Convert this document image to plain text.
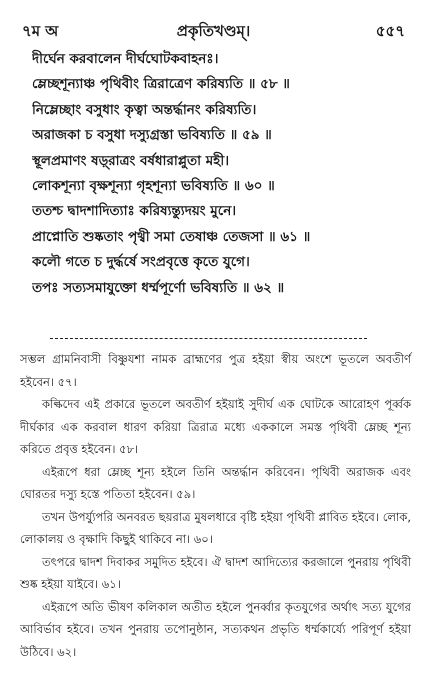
৭ম অ	প্রকৃতিখণ্ডম্।	৫৫৭
দীর্ঘেন করবালেন দীর্ঘঘোটকবাহনঃ।
ম্লেচ্ছশূন্যাঞ্চ পৃথিবীং ত্রিরাত্রেণ করিষ্যতি ॥ ৫৮ ॥
নিম্লেচ্ছাং বসুধাং কৃত্বা অন্তর্দ্ধানং করিষ্যতি।
অরাজকা চ বসুধা দস্যুগ্রস্তা ভবিষ্যতি ॥ ৫৯ ॥
স্থূলপ্রমাণং ষড়্‌রাত্রং বর্ষধারাপ্লুতা মহী।
লোকশূন্যা বৃক্ষশূন্যা গৃহশূন্যা ভবিষ্যতি ॥ ৬০ ॥
ততশ্চ দ্বাদশাদিত্যাঃ করিষ্যন্ত্যুদয়ং মুনে।
প্রাপ্নোতি শুষ্কতাং পৃথ্বী সমা তেষাঞ্চ তেজসা ॥ ৬১ ॥
কলৌ গতে চ দুর্দ্ধর্ষে সংপ্রবৃত্তে কৃতে যুগে।
তপঃ সত্যসমাযুক্তো ধর্ম্মপূর্ণো ভবিষ্যতি ॥ ৬২ ॥

সম্ভল গ্রামনিবাসী বিষ্ণুযশা নামক ব্রাহ্মণের পুত্র হইয়া স্বীয় অংশে ভূতলে অবতীর্ণ হইবেন। ৫৭।

কল্কিদেব এই প্রকারে ভূতলে অবতীর্ণ হইয়াই সুদীর্ঘ এক ঘোটকে আরোহণ পূর্ব্বক দীর্ঘকার এক করবাল ধারণ করিয়া ত্রিরাত্র মধ্যে এককালে সমস্ত পৃথিবী ম্লেচ্ছ শূন্য করিতে প্রবৃত্ত হইবেন। ৫৮।

এইরূপে ধরা ম্লেচ্ছ শূন্য হইলে তিনি অন্তর্দ্ধান করিবেন। পৃথিবী অরাজক এবং ঘোরতর দস্যু হস্তে পতিতা হইবেন। ৫৯।

তখন উপর্য্যুপরি অনবরত ছয়রাত্র মুষলধারে বৃষ্টি হইয়া পৃথিবী প্লাবিত হইবে। লোক, লোকালয় ও বৃক্ষাদি কিছুই থাকিবে না। ৬০।

তৎপরে দ্বাদশ দিবাকর সমুদিত হইবে। ঐ দ্বাদশ আদিত্যের করজালে পুনরায় পৃথিবী শুষ্ক হইয়া যাইবে। ৬১।

এইরূপে অতি ভীষণ কলিকাল অতীত হইলে পুনর্ব্বার কৃতযুগের অর্থাৎ সত্য যুগের আবির্ভাব হইবে। তখন পুনরায় তপোনুষ্ঠান, সত্যকথন প্রভৃতি ধর্ম্মকার্য্যে পরিপূর্ণ হইয়া উঠিবে। ৬২।
